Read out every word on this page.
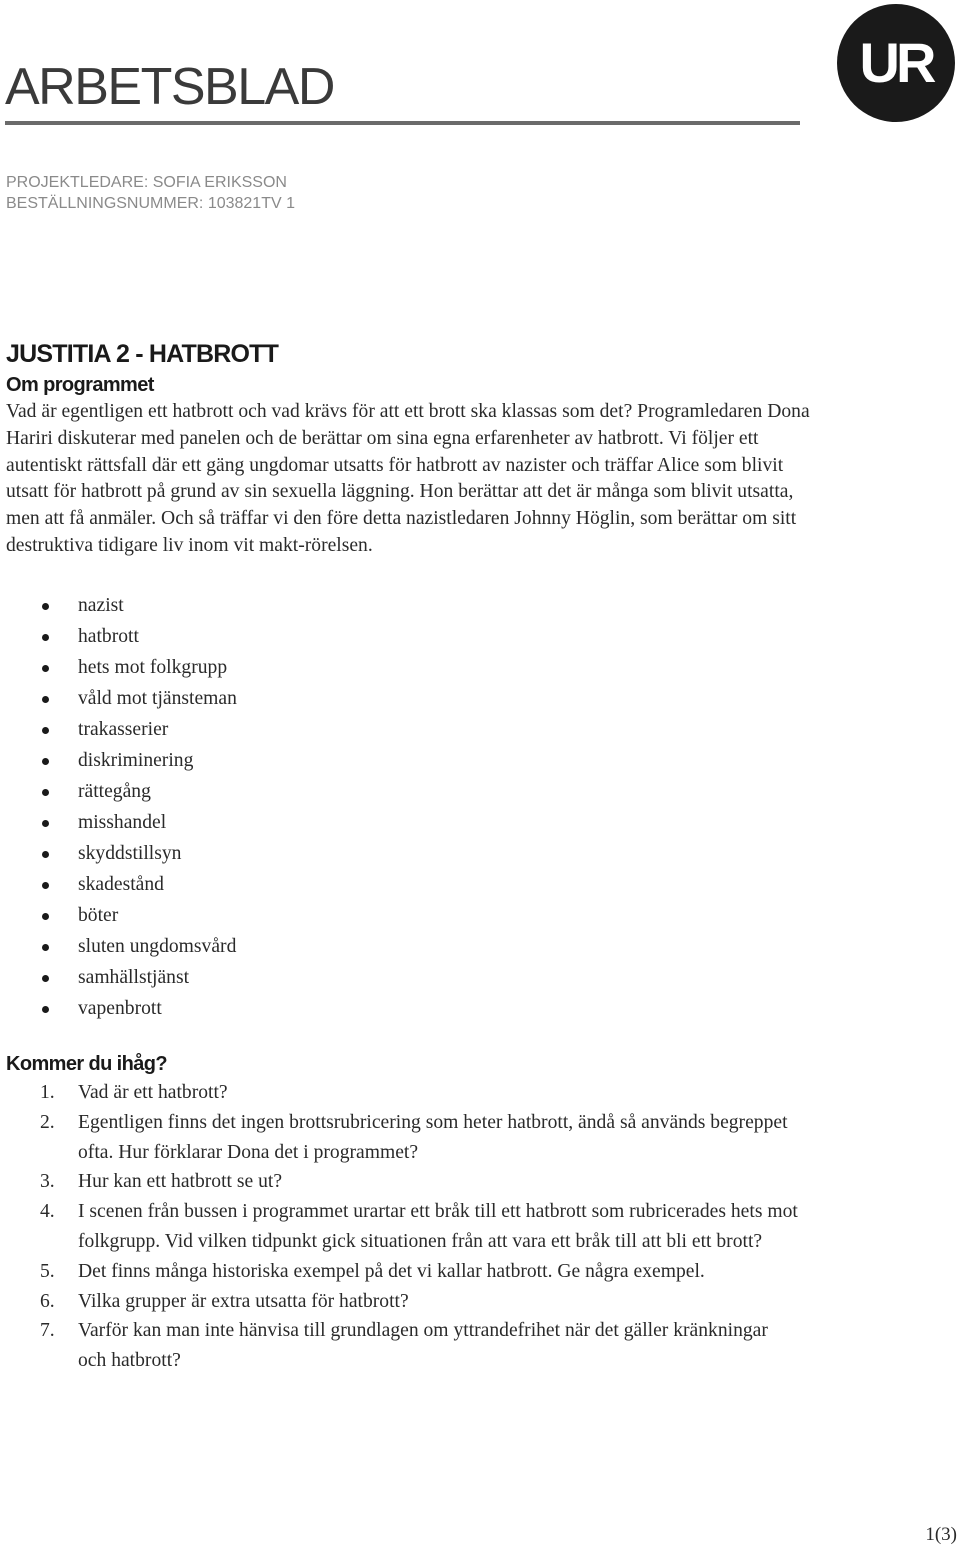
ARBETSBLAD	UR
PROJEKTLEDARE: SOFIA ERIKSSON
BESTÄLLNINGSNUMMER: 103821TV 1
JUSTITIA 2 - HATBROTT
Om programmet

Vad är egentligen ett hatbrott och vad krävs för att ett brott ska klassas som det? Programledaren Dona Hariri diskuterar med panelen och de berättar om sina egna erfarenheter av hatbrott. Vi följer ett autentiskt rättsfall där ett gäng ungdomar utsatts för hatbrott av nazister och träffar Alice som blivit utsatt för hatbrott på grund av sin sexuella läggning. Hon berättar att det är många som blivit utsatta, men att få anmäler. Och så träffar vi den före detta nazistledaren Johnny Höglin, som berättar om sitt destruktiva tidigare liv inom vit makt-rörelsen.

nazist
hatbrott
hets mot folkgrupp
våld mot tjänsteman
trakasserier
diskriminering
rättegång
misshandel
skyddstillsyn
skadestånd
böter
sluten ungdomsvård
samhällstjänst
vapenbrott
Kommer du ihåg?
1. Vad är ett hatbrott?
2. Egentligen finns det ingen brottsrubricering som heter hatbrott, ändå så används begreppet ofta. Hur förklarar Dona det i programmet?
3. Hur kan ett hatbrott se ut?
4. I scenen från bussen i programmet urartar ett bråk till ett hatbrott som rubricerades hets mot folkgrupp. Vid vilken tidpunkt gick situationen från att vara ett bråk till att bli ett brott?
5. Det finns många historiska exempel på det vi kallar hatbrott. Ge några exempel.
6. Vilka grupper är extra utsatta för hatbrott?
7. Varför kan man inte hänvisa till grundlagen om yttrandefrihet när det gäller kränkningar och hatbrott?
1(3)
